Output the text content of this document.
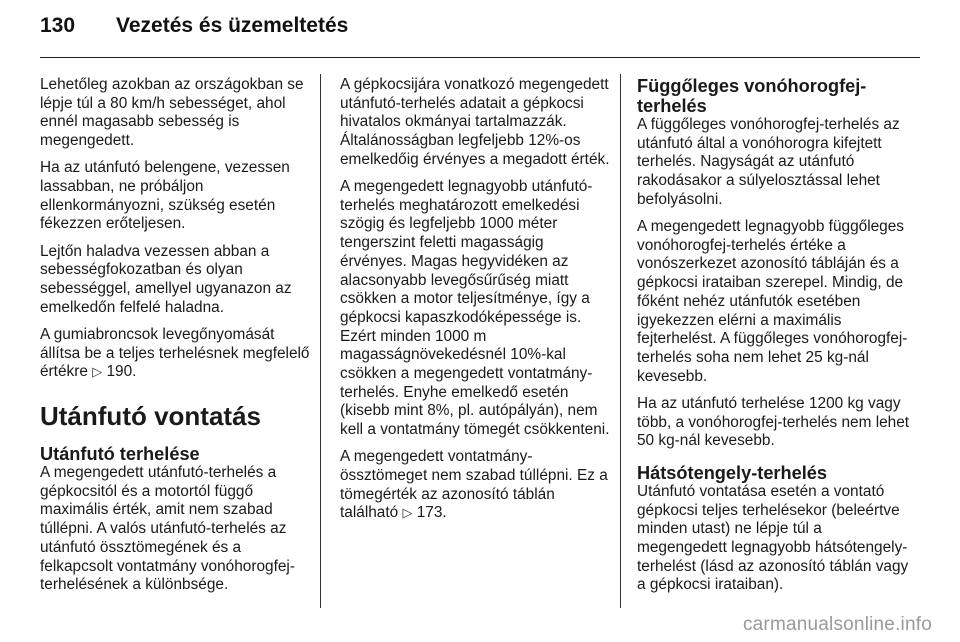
130 Vezetés és üzemeltetés

Lehetőleg azokban az országokban se lépje túl a 80 km/h sebességet, ahol ennél magasabb sebesség is megengedett.

Ha az utánfutó belengene, vezessen lassabban, ne próbáljon ellenkormányozni, szükség esetén fékezzen erőteljesen.

Lejtőn haladva vezessen abban a sebességfokozatban és olyan sebességgel, amellyel ugyanazon az emelkedőn felfelé haladna.

A gumiabroncsok levegőnyomását állítsa be a teljes terhelésnek megfelelő értékre ▷ 190.

Utánfutó vontatás
Utánfutó terhelése

A megengedett utánfutó-terhelés a gépkocsitól és a motortól függő maximális érték, amit nem szabad túllépni. A valós utánfutó-terhelés az utánfutó össztömegének és a felkapcsolt vontatmány vonóhorogfej-terhelésének a különbsége.

A gépkocsijára vonatkozó megengedett utánfutó-terhelés adatait a gépkocsi hivatalos okmányai tartalmazzák. Általánosságban legfeljebb 12%-os emelkedőig érvényes a megadott érték.

A megengedett legnagyobb utánfutó-terhelés meghatározott emelkedési szögig és legfeljebb 1000 méter tengerszint feletti magasságig érvényes. Magas hegyvidéken az alacsonyabb levegősűrűség miatt csökken a motor teljesítménye, így a gépkocsi kapaszkodóképessége is. Ezért minden 1000 m magasságnövekedésnél 10%-kal csökken a megengedett vontatmány-terhelés. Enyhe emelkedő esetén (kisebb mint 8%, pl. autópályán), nem kell a vontatmány tömegét csökkenteni.

A megengedett vontatmány-össztömeget nem szabad túllépni. Ez a tömegérték az azonosító táblán található ▷ 173.

Függőleges vonóhorogfej-terhelés

A függőleges vonóhorogfej-terhelés az utánfutó által a vonóhorogra kifejtett terhelés. Nagyságát az utánfutó rakodásakor a súlyelosztással lehet befolyásolni.

A megengedett legnagyobb függőleges vonóhorogfej-terhelés értéke a vonószerkezet azonosító tábláján és a gépkocsi irataiban szerepel. Mindig, de főként nehéz utánfutók esetében igyekezzen elérni a maximális fejterhelést. A függőleges vonóhorogfej-terhelés soha nem lehet 25 kg-nál kevesebb.

Ha az utánfutó terhelése 1200 kg vagy több, a vonóhorogfej-terhelés nem lehet 50 kg-nál kevesebb.

Hátsótengely-terhelés

Utánfutó vontatása esetén a vontató gépkocsi teljes terhelésekor (beleértve minden utast) ne lépje túl a megengedett legnagyobb hátsótengely-terhelést (lásd az azonosító táblán vagy a gépkocsi irataiban).

carmanualsonline.info
